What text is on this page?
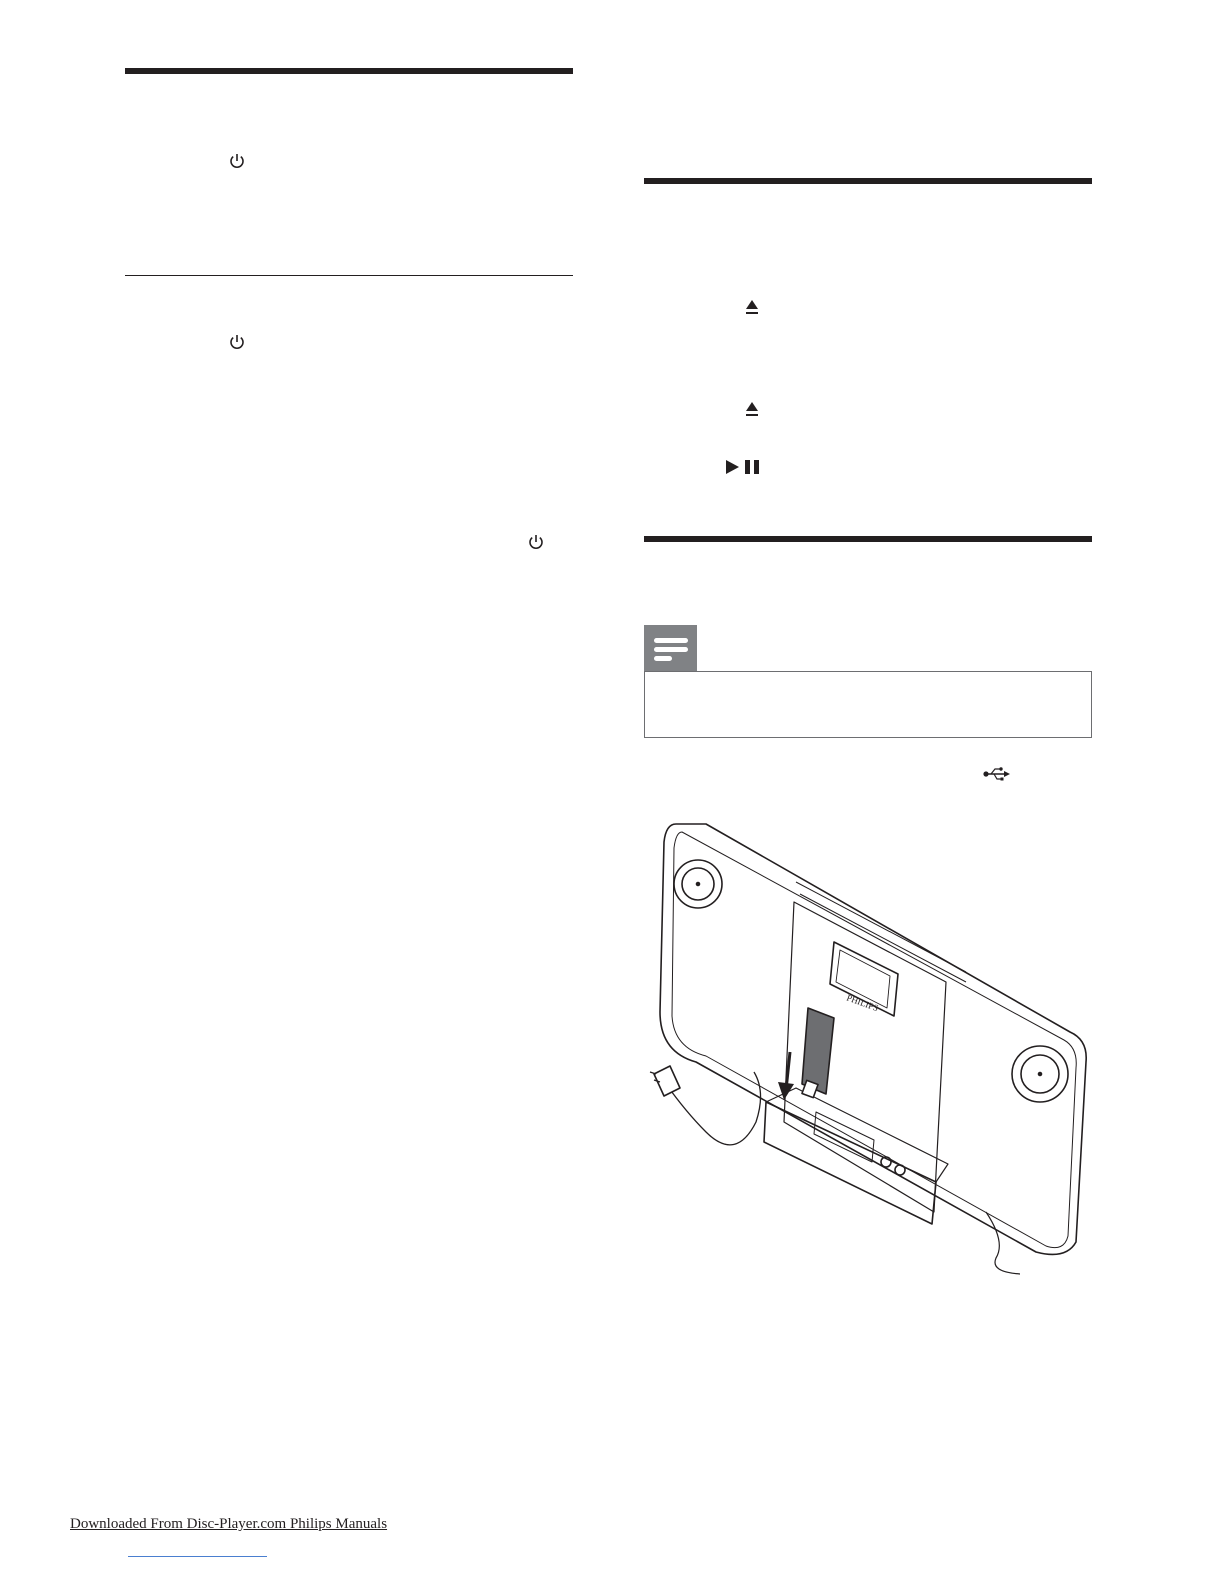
PHILIPS
Downloaded From Disc-Player.com Philips Manuals
